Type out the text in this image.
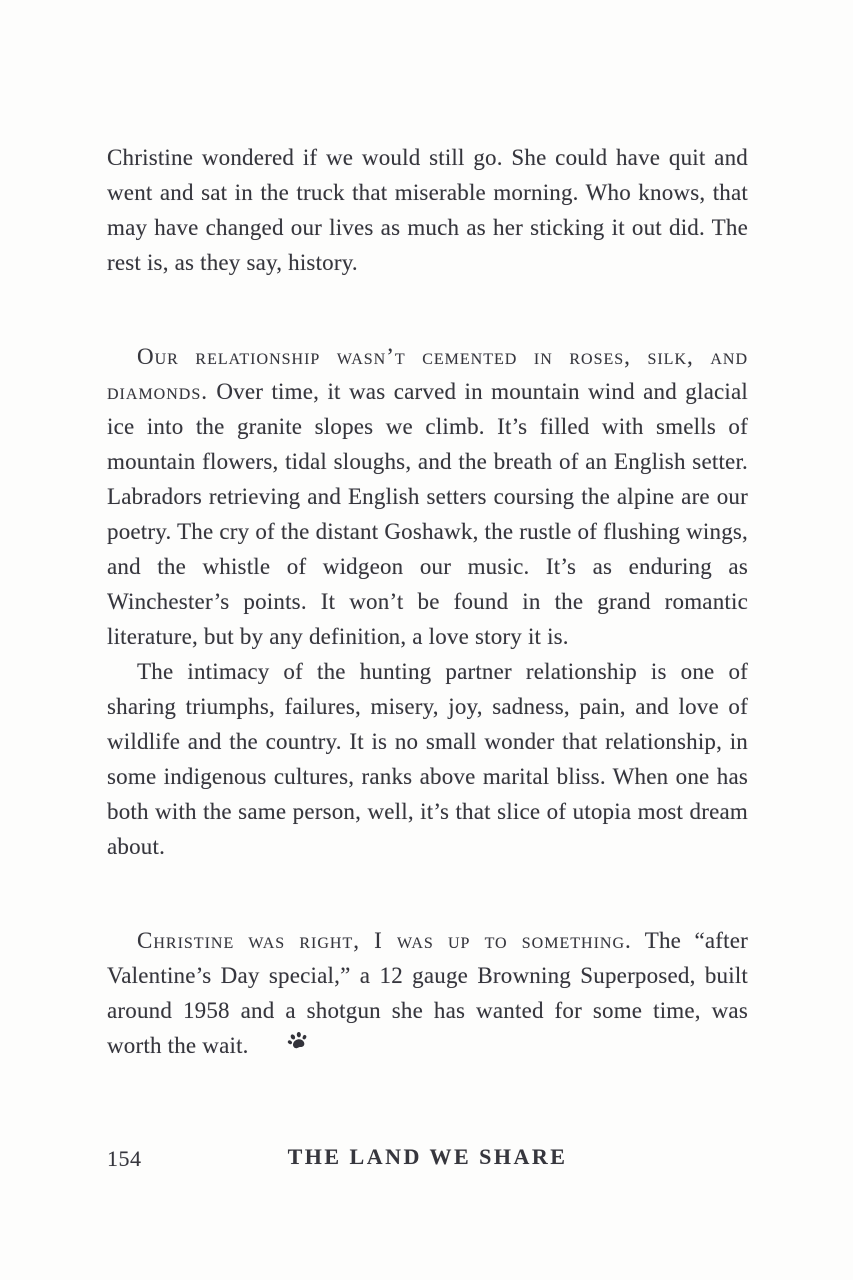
Christine wondered if we would still go. She could have quit and went and sat in the truck that miserable morning. Who knows, that may have changed our lives as much as her sticking it out did. The rest is, as they say, history.

Our relationship wasn’t cemented in roses, silk, and diamonds. Over time, it was carved in mountain wind and glacial ice into the granite slopes we climb. It’s filled with smells of mountain flowers, tidal sloughs, and the breath of an English setter. Labradors retrieving and English setters coursing the alpine are our poetry. The cry of the distant Goshawk, the rustle of flushing wings, and the whistle of widgeon our music. It’s as enduring as Winchester’s points. It won’t be found in the grand romantic literature, but by any definition, a love story it is.

The intimacy of the hunting partner relationship is one of sharing triumphs, failures, misery, joy, sadness, pain, and love of wildlife and the country. It is no small wonder that relationship, in some indigenous cultures, ranks above marital bliss. When one has both with the same person, well, it’s that slice of utopia most dream about.

Christine was right, I was up to something. The “after Valentine’s Day special,” a 12 gauge Browning Superposed, built around 1958 and a shotgun she has wanted for some time, was worth the wait.

154	THE LAND WE SHARE
